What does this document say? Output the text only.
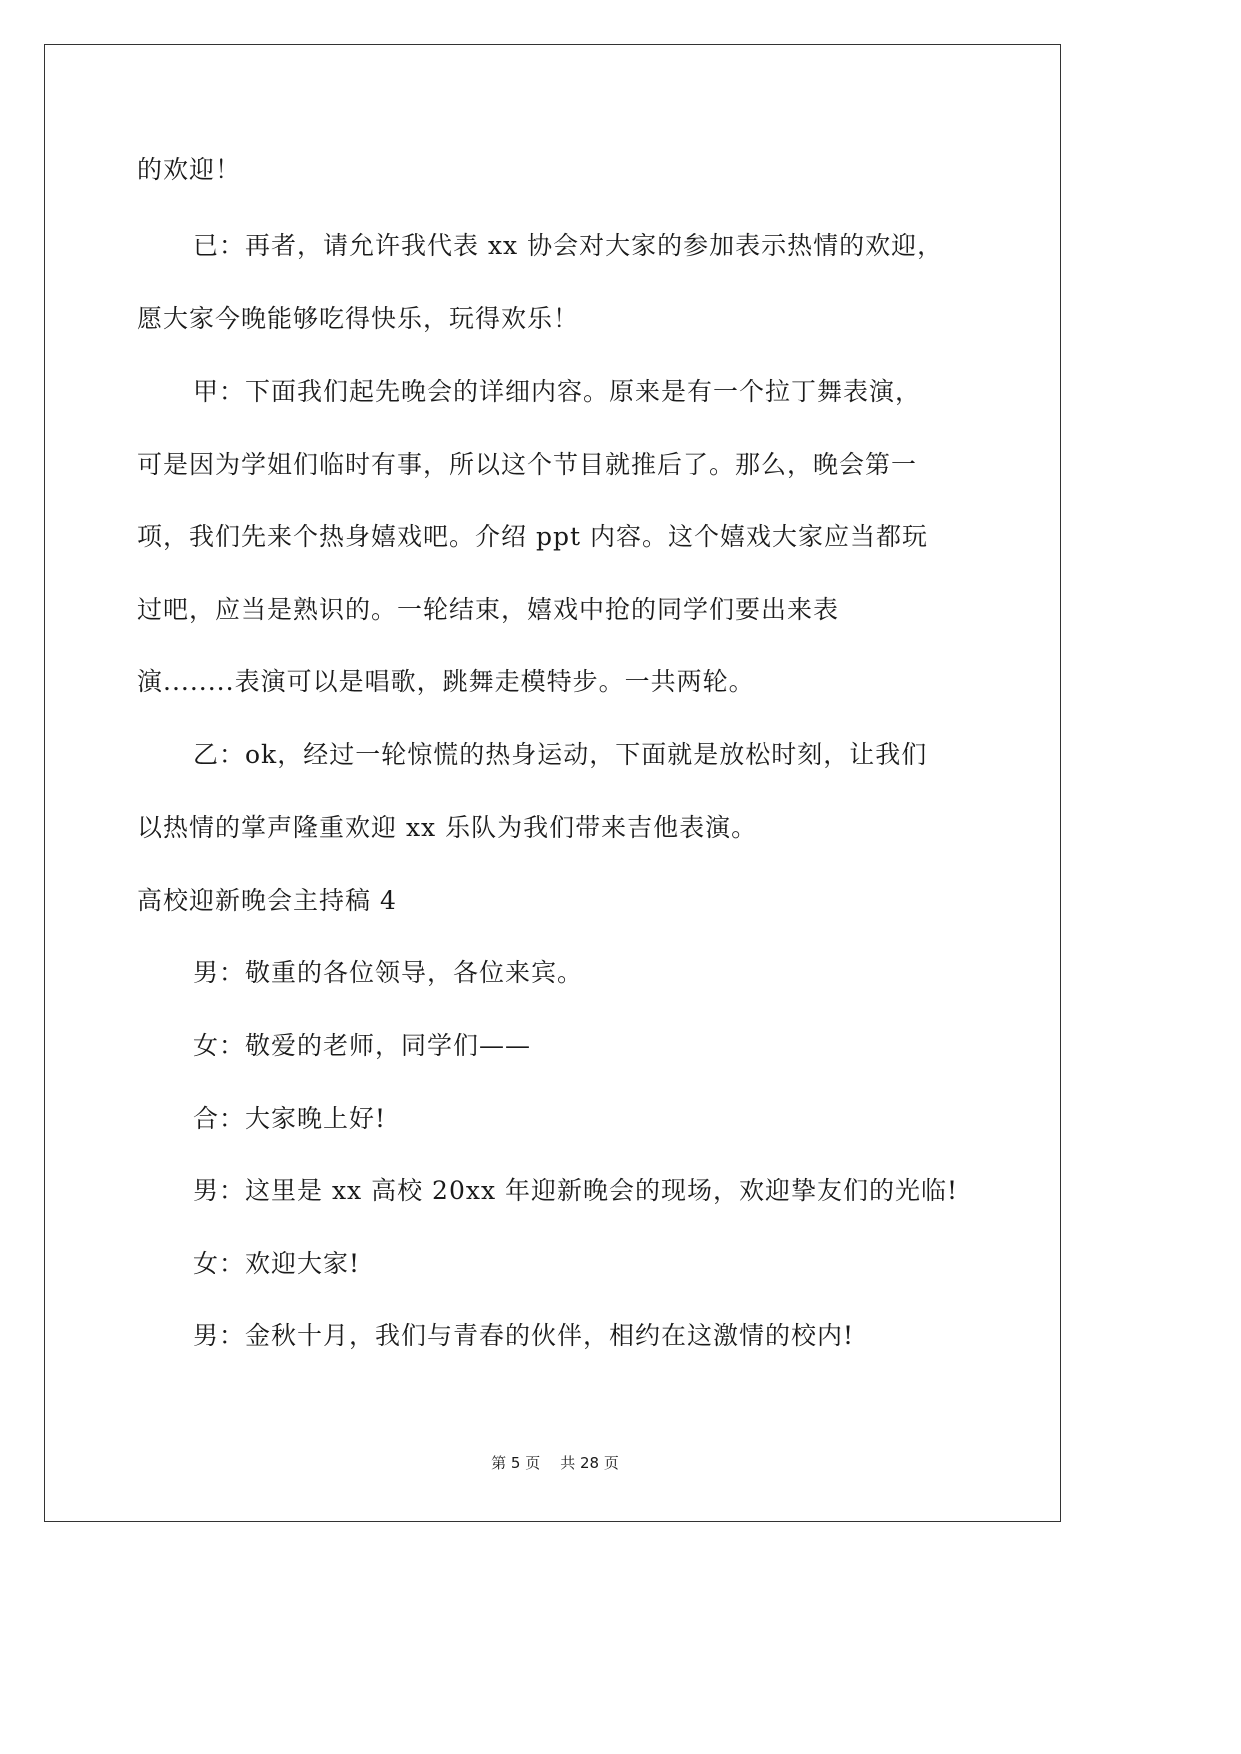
的欢迎！
已：再者，请允许我代表 xx 协会对大家的参加表示热情的欢迎，
愿大家今晚能够吃得快乐，玩得欢乐！
甲：下面我们起先晚会的详细内容。原来是有一个拉丁舞表演，
可是因为学姐们临时有事，所以这个节目就推后了。那么，晚会第一
项，我们先来个热身嬉戏吧。介绍 ppt 内容。这个嬉戏大家应当都玩
过吧，应当是熟识的。一轮结束，嬉戏中抢的同学们要出来表
演........表演可以是唱歌，跳舞走模特步。一共两轮。
乙：ok，经过一轮惊慌的热身运动，下面就是放松时刻，让我们
以热情的掌声隆重欢迎 xx 乐队为我们带来吉他表演。
高校迎新晚会主持稿 4
男：敬重的各位领导，各位来宾。
女：敬爱的老师，同学们——
合：大家晚上好!
男：这里是 xx 高校 20xx 年迎新晚会的现场，欢迎挚友们的光临!
女：欢迎大家!
男：金秋十月，我们与青春的伙伴，相约在这激情的校内!
第 5 页 共 28 页
